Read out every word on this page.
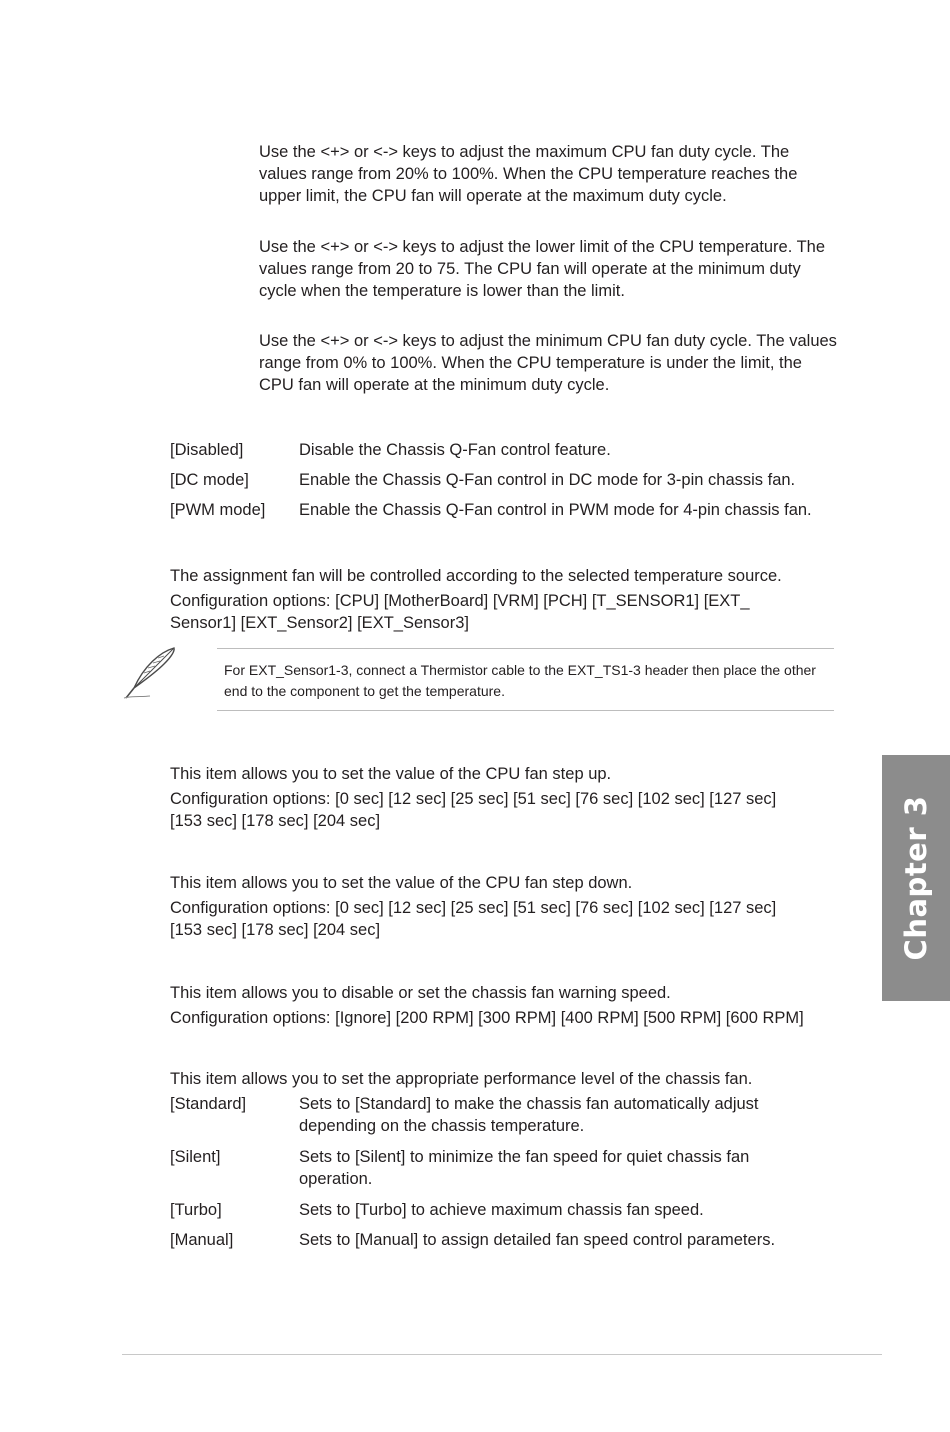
Use the <+> or <-> keys to adjust the maximum CPU fan duty cycle. The values range from 20% to 100%. When the CPU temperature reaches the upper limit, the CPU fan will operate at the maximum duty cycle.

Use the <+> or <-> keys to adjust the lower limit of the CPU temperature. The values range from 20 to 75. The CPU fan will operate at the minimum duty cycle when the temperature is lower than the limit.

Use the <+> or <-> keys to adjust the minimum CPU fan duty cycle. The values range from 0% to 100%. When the CPU temperature is under the limit, the CPU fan will operate at the minimum duty cycle.

[Disabled]	Disable the Chassis Q-Fan control feature.
[DC mode]	Enable the Chassis Q-Fan control in DC mode for 3-pin chassis fan.
[PWM mode] Enable the Chassis Q-Fan control in PWM mode for 4-pin chassis fan.

The assignment fan will be controlled according to the selected temperature source.

Configuration options: [CPU] [MotherBoard] [VRM] [PCH] [T_SENSOR1] [EXT_ Sensor1] [EXT_Sensor2] [EXT_Sensor3]

For EXT_Sensor1-3, connect a Thermistor cable to the EXT_TS1-3 header then place the other end to the component to get the temperature.

This item allows you to set the value of the CPU fan step up.

Configuration options: [0 sec] [12 sec] [25 sec] [51 sec] [76 sec] [102 sec] [127 sec] [153 sec] [178 sec] [204 sec]

This item allows you to set the value of the CPU fan step down.

Configuration options: [0 sec] [12 sec] [25 sec] [51 sec] [76 sec] [102 sec] [127 sec] [153 sec] [178 sec] [204 sec]

This item allows you to disable or set the chassis fan warning speed.

Configuration options: [Ignore] [200 RPM] [300 RPM] [400 RPM] [500 RPM] [600 RPM]

This item allows you to set the appropriate performance level of the chassis fan.

[Standard]	Sets to [Standard] to make the chassis fan automatically adjust depending on the chassis temperature.
[Silent]	Sets to [Silent] to minimize the fan speed for quiet chassis fan operation.
[Turbo]	Sets to [Turbo] to achieve maximum chassis fan speed.
[Manual]	Sets to [Manual] to assign detailed fan speed control parameters.
Chapter 3
